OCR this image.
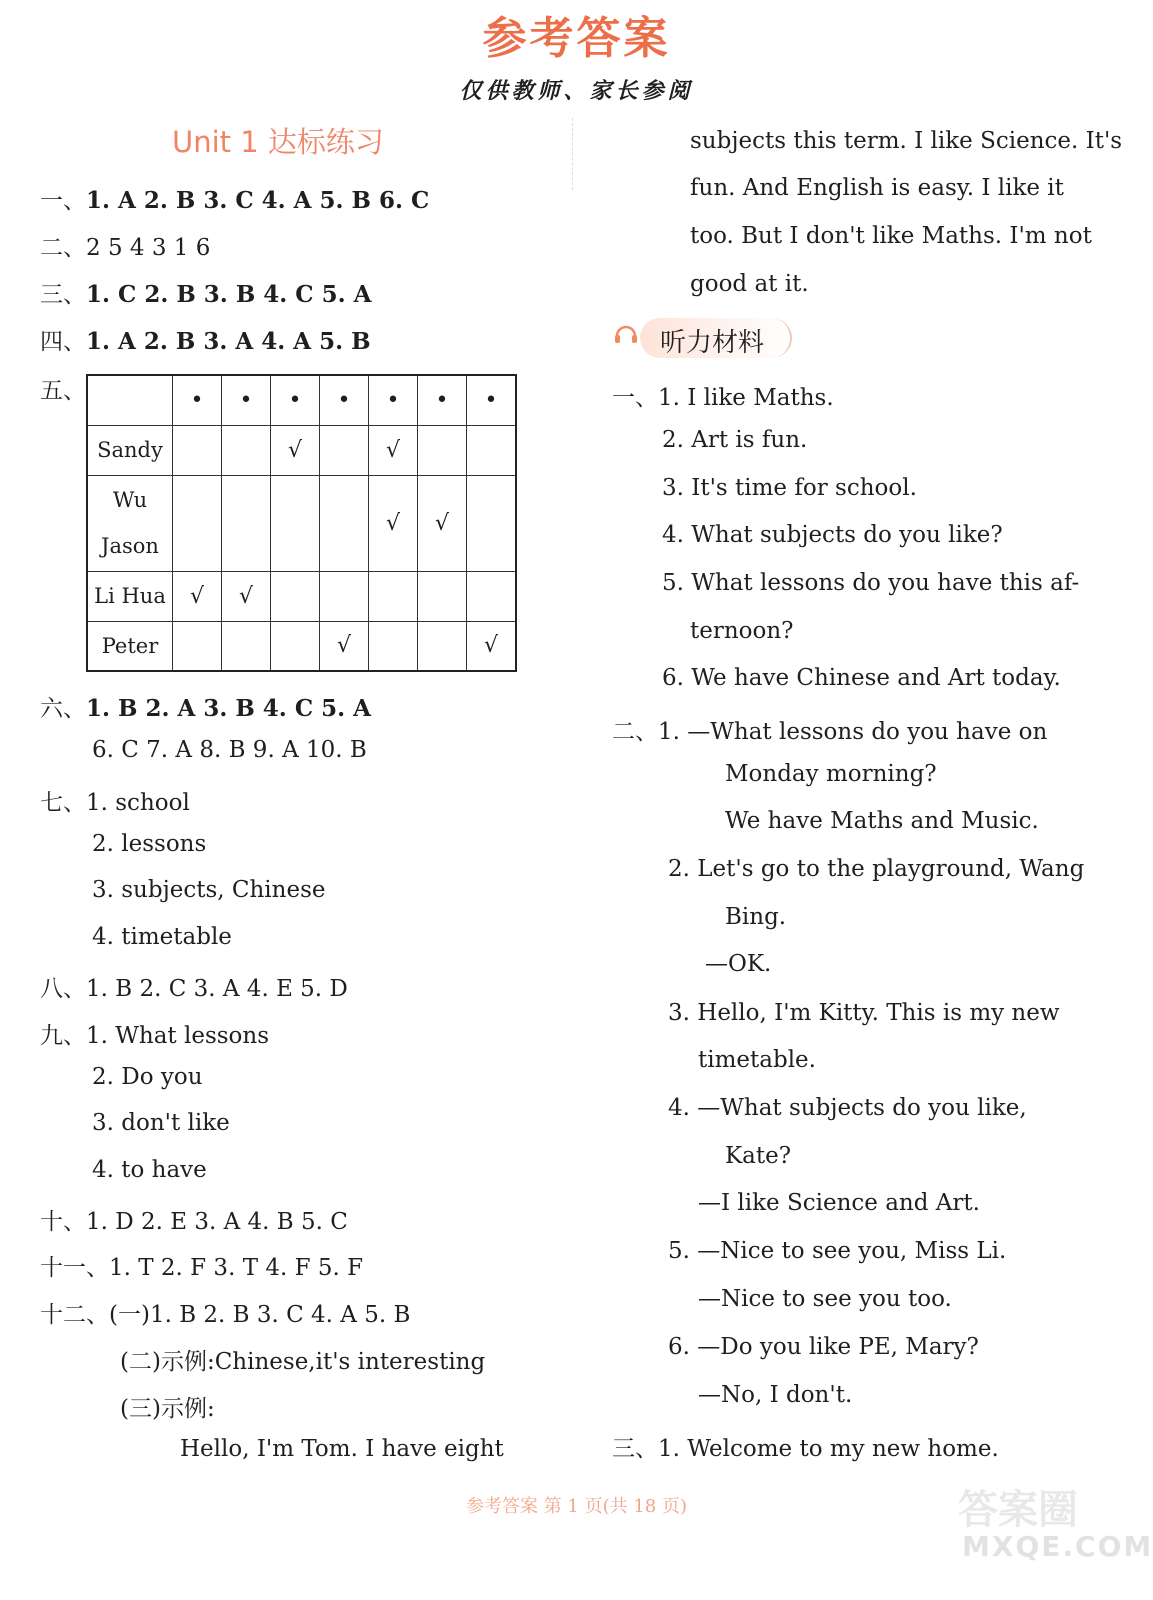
参考答案
仅供教师、家长参阅
Unit 1 达标练习
一、1. A 2. B 3. C 4. A 5. B 6. C
二、2 5 4 3 1 6
三、1. C 2. B 3. B 4. C 5. A
四、1. A 2. B 3. A 4. A 5. B
五、
		•	•	•	•	•	•	•
Sandy			√		√		
Wu Jason					√	√	
Li Hua	√	√					
Peter				√			√
六、1. B 2. A 3. B 4. C 5. A
6. C 7. A 8. B 9. A 10. B
七、1. school
2. lessons
3. subjects, Chinese
4. timetable
八、1. B 2. C 3. A 4. E 5. D
九、1. What lessons
2. Do you
3. don't like
4. to have
十、1. D 2. E 3. A 4. B 5. C
十一、1. T 2. F 3. T 4. F 5. F
十二、(一)1. B 2. B 3. C 4. A 5. B
(二)示例:Chinese,it's interesting
(三)示例:
Hello, I'm Tom. I have eight
subjects this term. I like Science. It's
fun. And English is easy. I like it
too. But I don't like Maths. I'm not
good at it.
听力材料
一、1. I like Maths.
2. Art is fun.
3. It's time for school.
4. What subjects do you like?
5. What lessons do you have this af-
ternoon?
6. We have Chinese and Art today.
二、1. —What lessons do you have on
Monday morning?
We have Maths and Music.
2. Let's go to the playground, Wang
Bing.
—OK.
3. Hello, I'm Kitty. This is my new
timetable.
4. —What subjects do you like,
Kate?
—I like Science and Art.
5. —Nice to see you, Miss Li.
—Nice to see you too.
6. —Do you like PE, Mary?
—No, I don't.
三、1. Welcome to my new home.
参考答案 第 1 页(共 18 页)	答案圈
MXQE.COM
